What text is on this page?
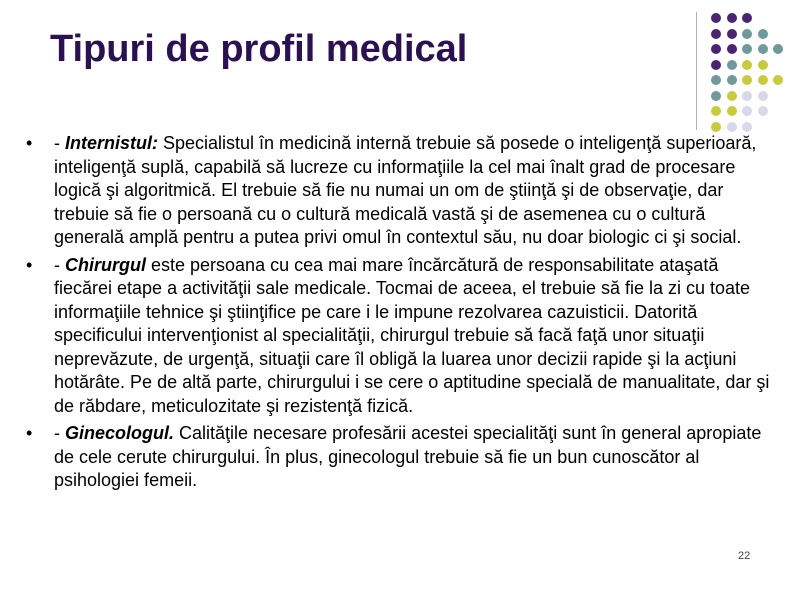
Tipuri de profil medical
• - Internistul: Specialistul în medicină internă trebuie să posede o inteligenţă superioară, inteligenţă suplă, capabilă să lucreze cu informaţiile la cel mai înalt grad de procesare logică şi algoritmică. El trebuie să fie nu numai un om de ştiinţă şi de observaţie, dar trebuie să fie o persoană cu o cultură medicală vastă şi de asemenea cu o cultură generală amplă pentru a putea privi omul în contextul său, nu doar biologic ci şi social.
• - Chirurgul este persoana cu cea mai mare încărcătură de responsabilitate ataşată fiecărei etape a activităţii sale medicale. Tocmai de aceea, el trebuie să fie la zi cu toate informaţiile tehnice şi ştiinţifice pe care i le impune rezolvarea cazuisticii. Datorită specificului intervenţionist al specialităţii, chirurgul trebuie să facă faţă unor situaţii neprevăzute, de urgenţă, situaţii care îl obligă la luarea unor decizii rapide şi la acţiuni hotărâte. Pe de altă parte, chirurgului i se cere o aptitudine specială de manualitate, dar şi de răbdare, meticulozitate şi rezistenţă fizică.
• - Ginecologul. Calităţile necesare profesării acestei specialităţi sunt în general apropiate de cele cerute chirurgului. În plus, ginecologul trebuie să fie un bun cunoscător al psihologiei femeii.
22
